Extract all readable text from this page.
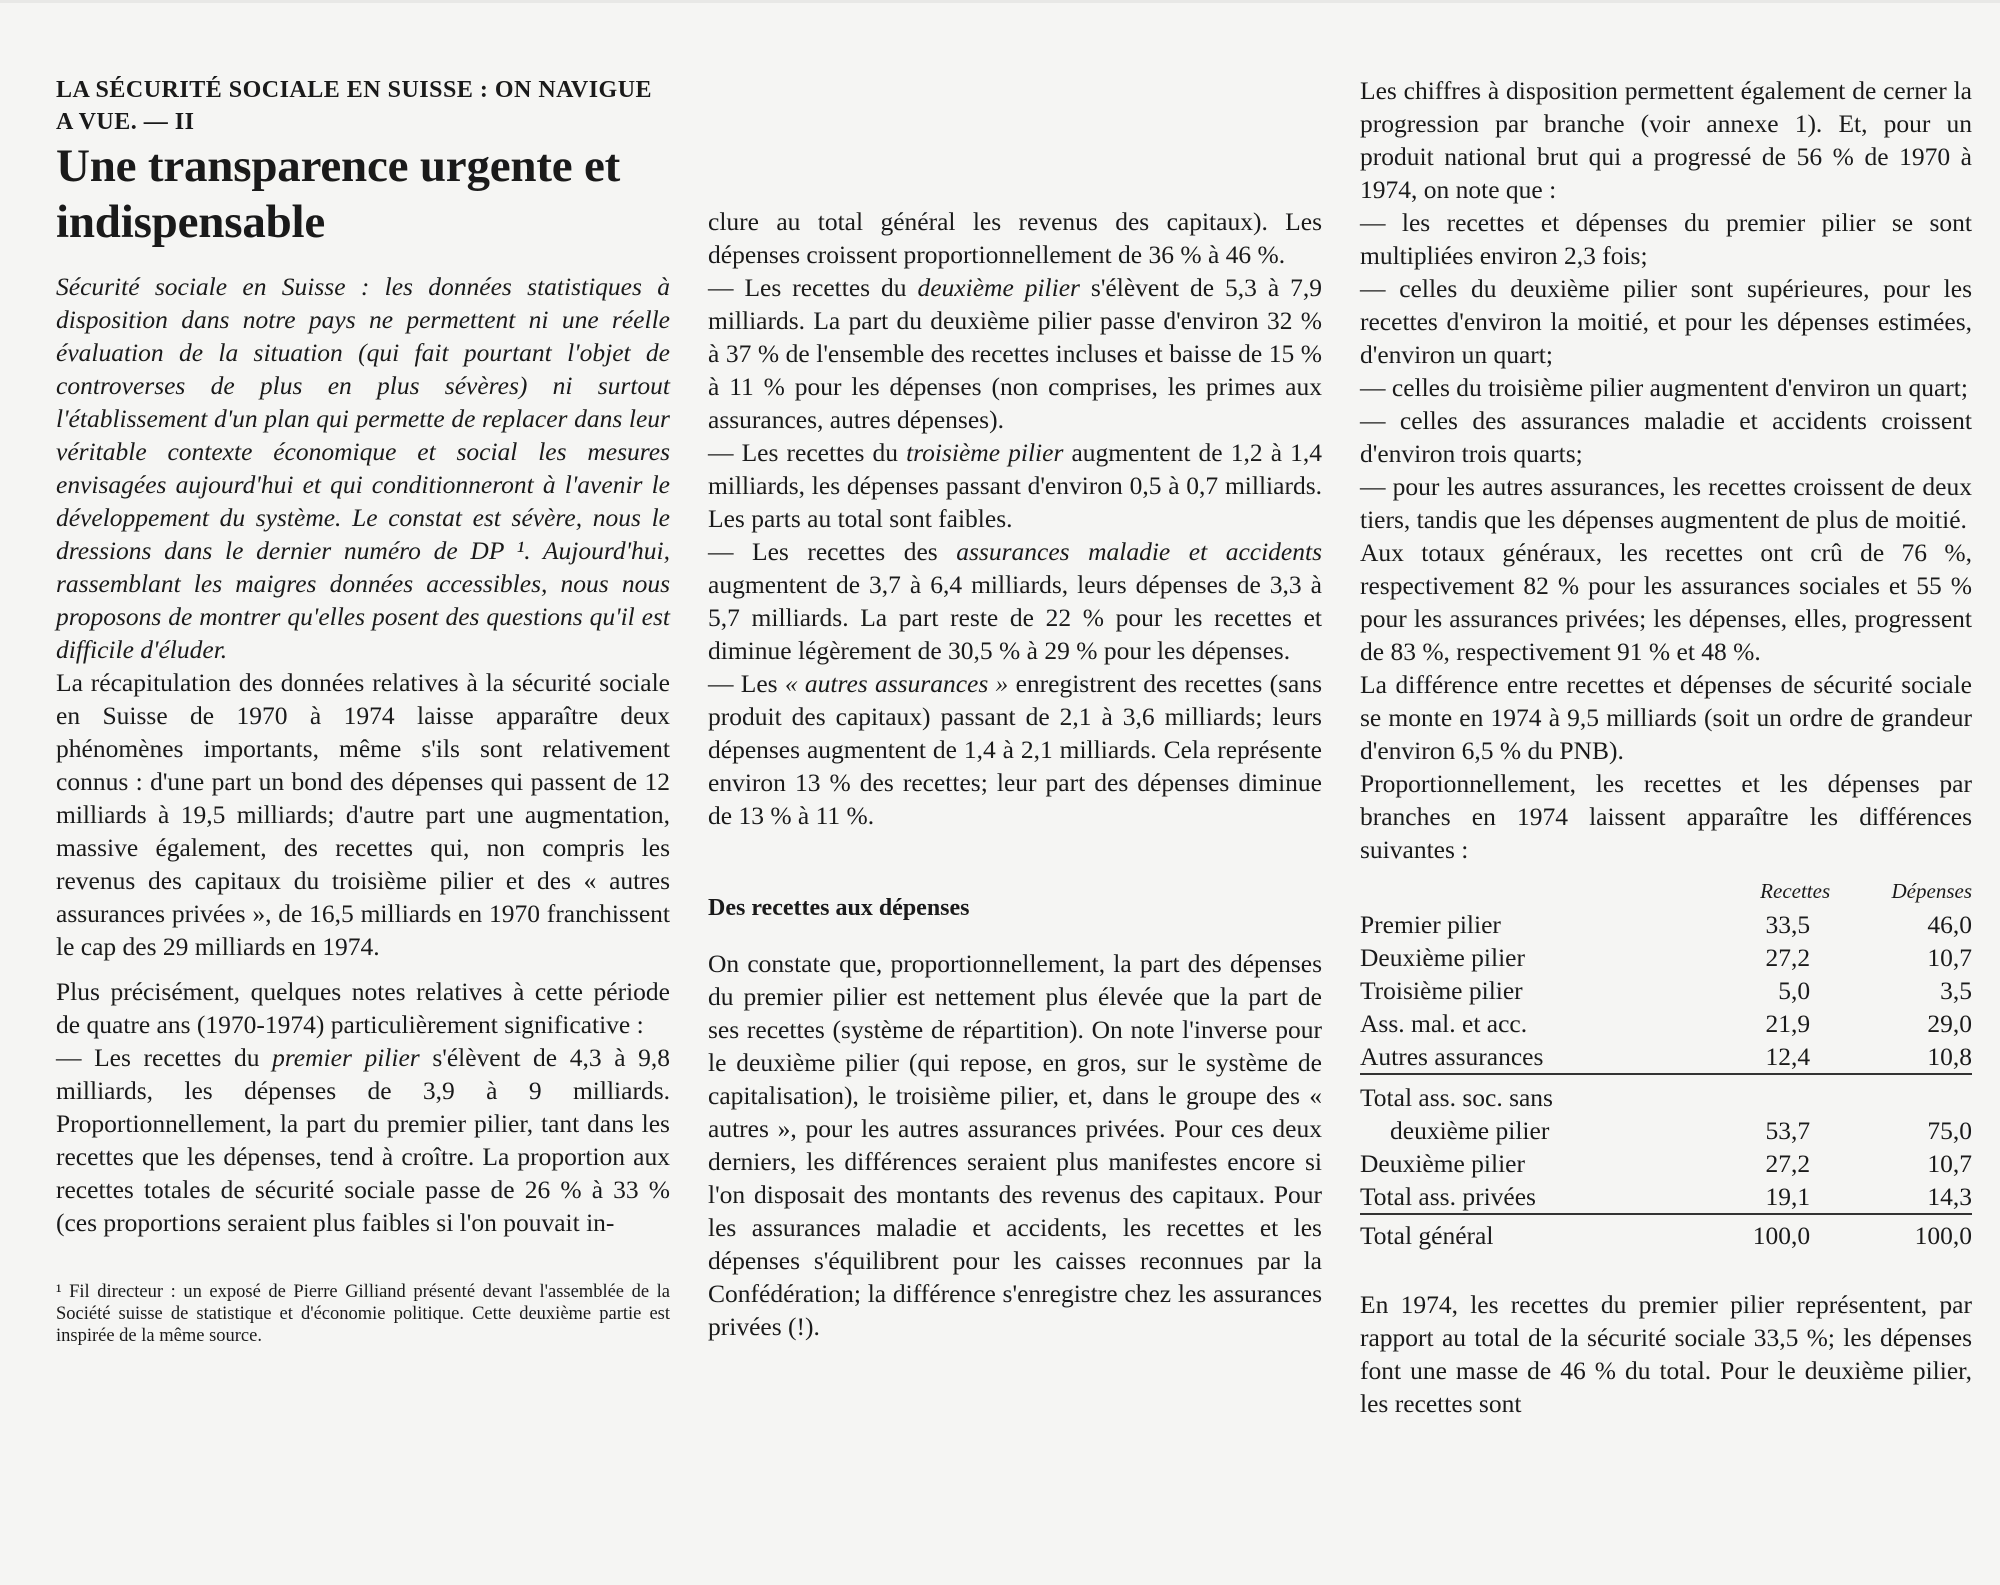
LA SÉCURITÉ SOCIALE EN SUISSE : ON NAVIGUE A VUE. — II

Une transparence urgente et indispensable

Sécurité sociale en Suisse : les données statistiques à disposition dans notre pays ne permettent ni une réelle évaluation de la situation (qui fait pourtant l'objet de controverses de plus en plus sévères) ni surtout l'établissement d'un plan qui permette de replacer dans leur véritable contexte économique et social les mesures envisagées aujourd'hui et qui conditionneront à l'avenir le développement du système. Le constat est sévère, nous le dressions dans le dernier numéro de DP ¹. Aujourd'hui, rassemblant les maigres données accessibles, nous nous proposons de montrer qu'elles posent des questions qu'il est difficile d'éluder.

La récapitulation des données relatives à la sécurité sociale en Suisse de 1970 à 1974 laisse apparaître deux phénomènes importants, même s'ils sont relativement connus : d'une part un bond des dépenses qui passent de 12 milliards à 19,5 milliards; d'autre part une augmentation, massive également, des recettes qui, non compris les revenus des capitaux du troisième pilier et des « autres assurances privées », de 16,5 milliards en 1970 franchissent le cap des 29 milliards en 1974.

Plus précisément, quelques notes relatives à cette période de quatre ans (1970-1974) particulièrement significative :

— Les recettes du premier pilier s'élèvent de 4,3 à 9,8 milliards, les dépenses de 3,9 à 9 milliards. Proportionnellement, la part du premier pilier, tant dans les recettes que les dépenses, tend à croître. La proportion aux recettes totales de sécurité sociale passe de 26 % à 33 % (ces proportions seraient plus faibles si l'on pouvait in-

¹ Fil directeur : un exposé de Pierre Gilliand présenté devant l'assemblée de la Société suisse de statistique et d'économie politique. Cette deuxième partie est inspirée de la même source.

clure au total général les revenus des capitaux). Les dépenses croissent proportionnellement de 36 % à 46 %.

— Les recettes du deuxième pilier s'élèvent de 5,3 à 7,9 milliards. La part du deuxième pilier passe d'environ 32 % à 37 % de l'ensemble des recettes incluses et baisse de 15 % à 11 % pour les dépenses (non comprises, les primes aux assurances, autres dépenses).

— Les recettes du troisième pilier augmentent de 1,2 à 1,4 milliards, les dépenses passant d'environ 0,5 à 0,7 milliards. Les parts au total sont faibles.

— Les recettes des assurances maladie et accidents augmentent de 3,7 à 6,4 milliards, leurs dépenses de 3,3 à 5,7 milliards. La part reste de 22 % pour les recettes et diminue légèrement de 30,5 % à 29 % pour les dépenses.

— Les « autres assurances » enregistrent des recettes (sans produit des capitaux) passant de 2,1 à 3,6 milliards; leurs dépenses augmentent de 1,4 à 2,1 milliards. Cela représente environ 13 % des recettes; leur part des dépenses diminue de 13 % à 11 %.

Des recettes aux dépenses

On constate que, proportionnellement, la part des dépenses du premier pilier est nettement plus élevée que la part de ses recettes (système de répartition). On note l'inverse pour le deuxième pilier (qui repose, en gros, sur le système de capitalisation), le troisième pilier, et, dans le groupe des « autres », pour les autres assurances privées. Pour ces deux derniers, les différences seraient plus manifestes encore si l'on disposait des montants des revenus des capitaux. Pour les assurances maladie et accidents, les recettes et les dépenses s'équilibrent pour les caisses reconnues par la Confédération; la différence s'enregistre chez les assurances privées (!).

Les chiffres à disposition permettent également de cerner la progression par branche (voir annexe 1). Et, pour un produit national brut qui a progressé de 56 % de 1970 à 1974, on note que :

— les recettes et dépenses du premier pilier se sont multipliées environ 2,3 fois;

— celles du deuxième pilier sont supérieures, pour les recettes d'environ la moitié, et pour les dépenses estimées, d'environ un quart;

— celles du troisième pilier augmentent d'environ un quart;

— celles des assurances maladie et accidents croissent d'environ trois quarts;

— pour les autres assurances, les recettes croissent de deux tiers, tandis que les dépenses augmentent de plus de moitié.

Aux totaux généraux, les recettes ont crû de 76 %, respectivement 82 % pour les assurances sociales et 55 % pour les assurances privées; les dépenses, elles, progressent de 83 %, respectivement 91 % et 48 %.

La différence entre recettes et dépenses de sécurité sociale se monte en 1974 à 9,5 milliards (soit un ordre de grandeur d'environ 6,5 % du PNB).

Proportionnellement, les recettes et les dépenses par branches en 1974 laissent apparaître les différences suivantes :

	Recettes	Dépenses
Premier pilier	33,5	46,0
Deuxième pilier	27,2	10,7
Troisième pilier	5,0	3,5
Ass. mal. et acc.	21,9	29,0
Autres assurances	12,4	10,8
Total ass. soc. sans		
deuxième pilier	53,7	75,0
Deuxième pilier	27,2	10,7
Total ass. privées	19,1	14,3
Total général	100,0	100,0

En 1974, les recettes du premier pilier représentent, par rapport au total de la sécurité sociale 33,5 %; les dépenses font une masse de 46 % du total. Pour le deuxième pilier, les recettes sont
